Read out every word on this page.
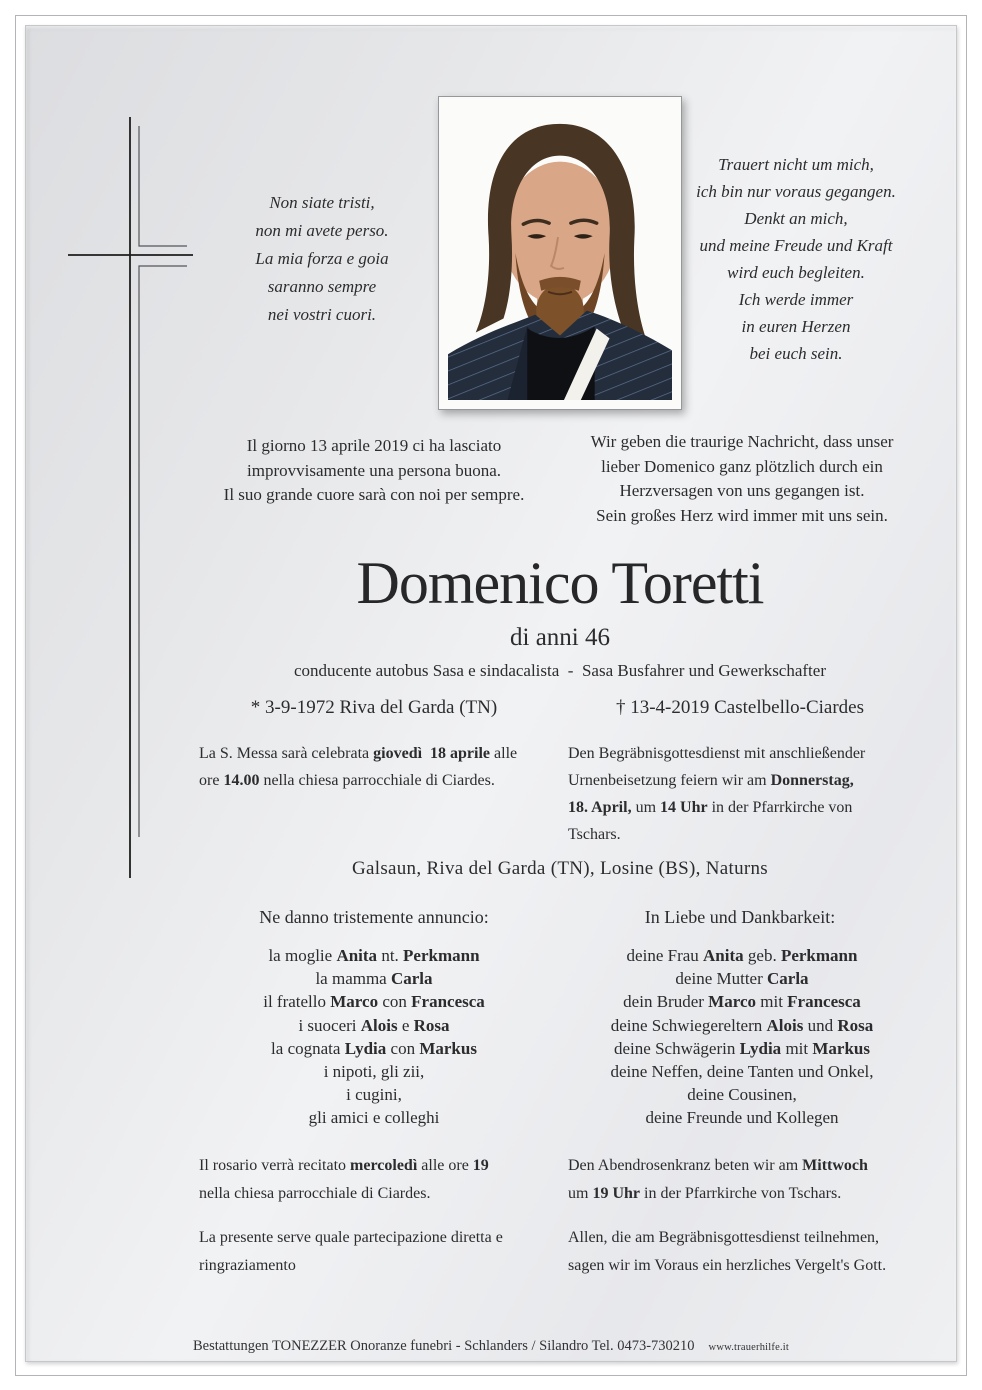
Non siate tristi,
non mi avete perso.
La mia forza e goia
saranno sempre
nei vostri cuori.
Trauert nicht um mich,
ich bin nur voraus gegangen.
Denkt an mich,
und meine Freude und Kraft
wird euch begleiten.
Ich werde immer
in euren Herzen
bei euch sein.
Il giorno 13 aprile 2019 ci ha lasciato
improvvisamente una persona buona.
Il suo grande cuore sarà con noi per sempre.
Wir geben die traurige Nachricht, dass unser
lieber Domenico ganz plötzlich durch ein
Herzversagen von uns gegangen ist.
Sein großes Herz wird immer mit uns sein.
Domenico Toretti
di anni 46
conducente autobus Sasa e sindacalista  -  Sasa Busfahrer und Gewerkschafter
* 3-9-1972 Riva del Garda (TN)	† 13-4-2019 Castelbello-Ciardes
La S. Messa sarà celebrata giovedì  18 aprile alle
ore 14.00 nella chiesa parrocchiale di Ciardes.
Den Begräbnisgottesdienst mit anschließender
Urnenbeisetzung feiern wir am Donnerstag,
18. April, um 14 Uhr in der Pfarrkirche von
Tschars.
Galsaun, Riva del Garda (TN), Losine (BS), Naturns
Ne danno tristemente annuncio:	In Liebe und Dankbarkeit:
la moglie Anita nt. Perkmann
la mamma Carla
il fratello Marco con Francesca
i suoceri Alois e Rosa
la cognata Lydia con Markus
i nipoti, gli zii,
i cugini,
gli amici e colleghi
deine Frau Anita geb. Perkmann
deine Mutter Carla
dein Bruder Marco mit Francesca
deine Schwiegereltern Alois und Rosa
deine Schwägerin Lydia mit Markus
deine Neffen, deine Tanten und Onkel,
deine Cousinen,
deine Freunde und Kollegen
Il rosario verrà recitato mercoledì alle ore 19
nella chiesa parrocchiale di Ciardes.
Den Abendrosenkranz beten wir am Mittwoch
um 19 Uhr in der Pfarrkirche von Tschars.
La presente serve quale partecipazione diretta e
ringraziamento
Allen, die am Begräbnisgottesdienst teilnehmen,
sagen wir im Voraus ein herzliches Vergelt's Gott.
Bestattungen TONEZZER Onoranze funebri - Schlanders / Silandro Tel. 0473-730210 www.trauerhilfe.it
